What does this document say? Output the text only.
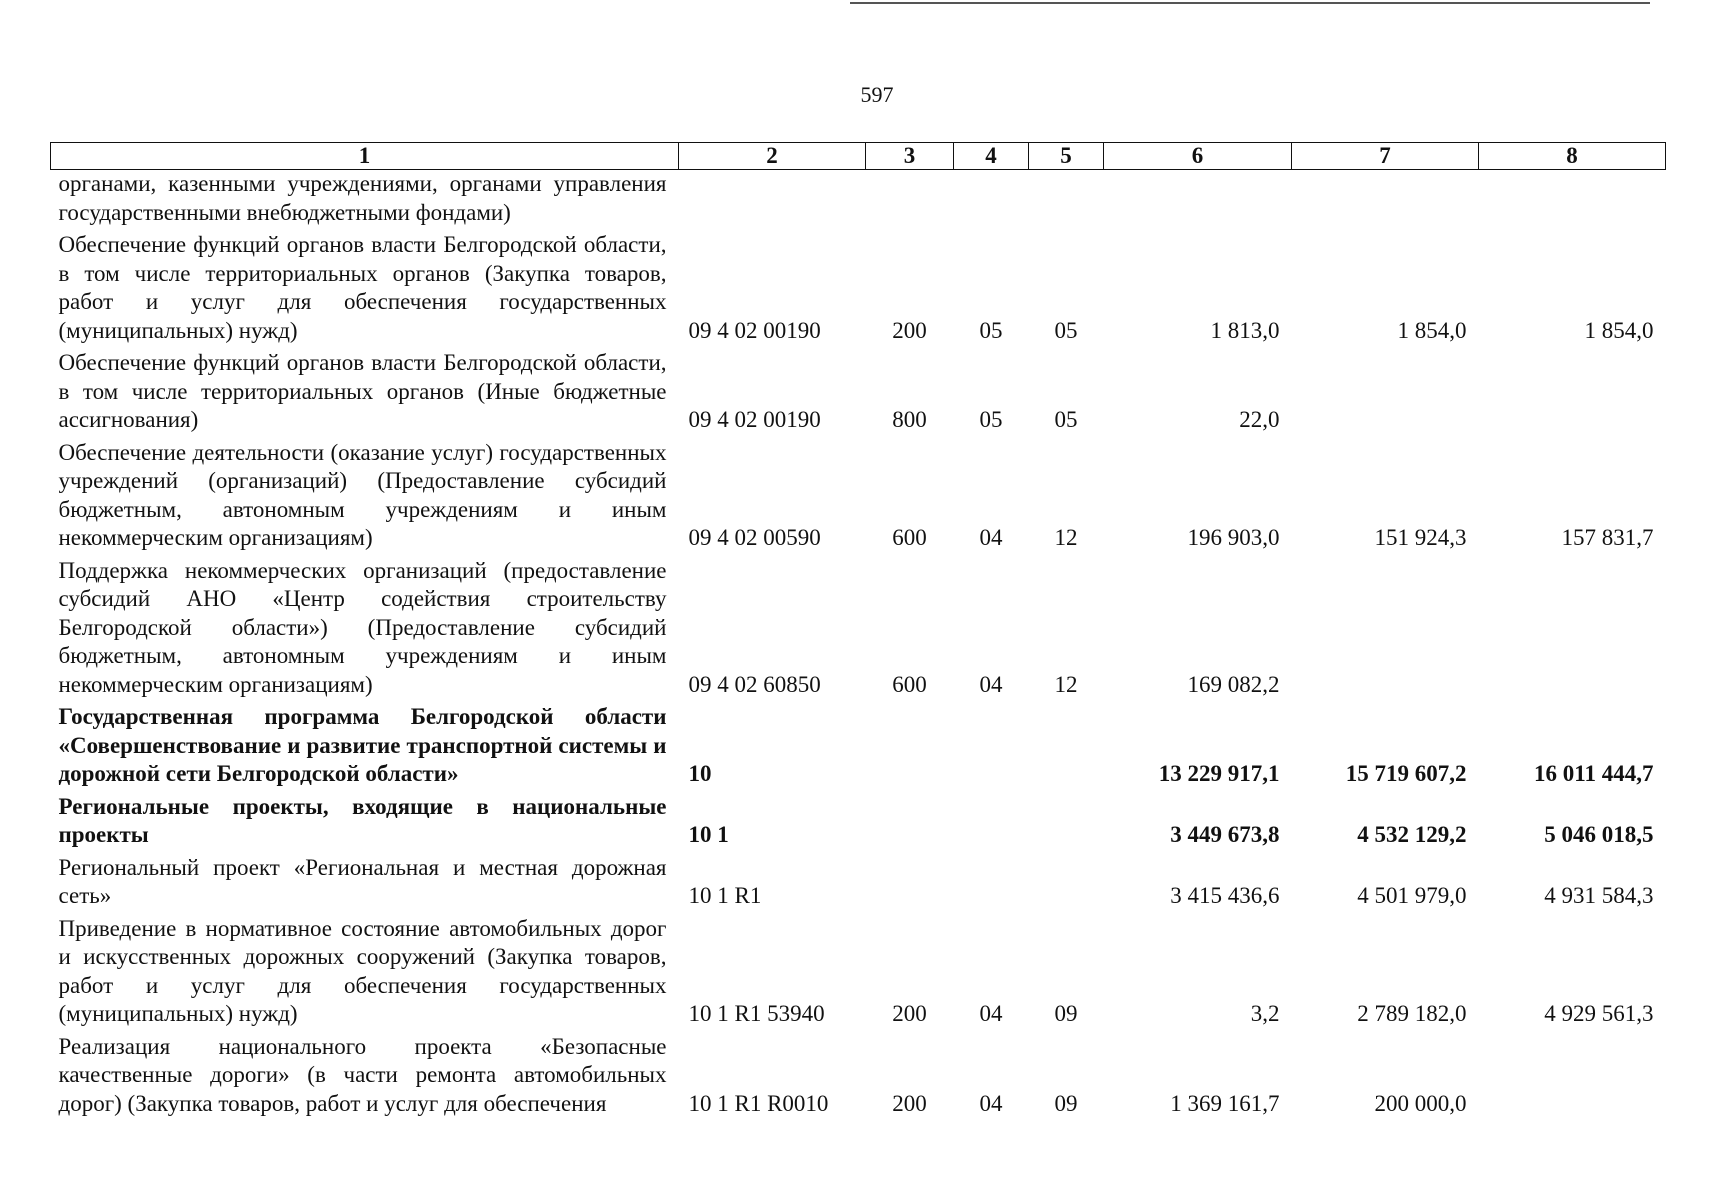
597
1	2	3	4	5	6	7	8
органами, казенными учреждениями, органами управления государственными внебюджетными фондами)							
Обеспечение функций органов власти Белгородской области, в том числе территориальных органов (Закупка товаров, работ и услуг для обеспечения государственных (муниципальных) нужд)	09 4 02 00190	200	05	05	1 813,0	1 854,0	1 854,0
Обеспечение функций органов власти Белгородской области, в том числе территориальных органов (Иные бюджетные ассигнования)	09 4 02 00190	800	05	05	22,0		
Обеспечение деятельности (оказание услуг) государственных учреждений (организаций) (Предоставление субсидий бюджетным, автономным учреждениям и иным некоммерческим организациям)	09 4 02 00590	600	04	12	196 903,0	151 924,3	157 831,7
Поддержка некоммерческих организаций (предоставление субсидий АНО «Центр содействия строительству Белгородской области») (Предоставление субсидий бюджетным, автономным учреждениям и иным некоммерческим организациям)	09 4 02 60850	600	04	12	169 082,2		
Государственная программа Белгородской области «Совершенствование и развитие транспортной системы и дорожной сети Белгородской области»	10				13 229 917,1	15 719 607,2	16 011 444,7
Региональные проекты, входящие в национальные проекты	10 1				3 449 673,8	4 532 129,2	5 046 018,5
Региональный проект «Региональная и местная дорожная сеть»	10 1 R1				3 415 436,6	4 501 979,0	4 931 584,3
Приведение в нормативное состояние автомобильных дорог и искусственных дорожных сооружений (Закупка товаров, работ и услуг для обеспечения государственных (муниципальных) нужд)	10 1 R1 53940	200	04	09	3,2	2 789 182,0	4 929 561,3
Реализация национального проекта «Безопасные качественные дороги» (в части ремонта автомобильных дорог) (Закупка товаров, работ и услуг для обеспечения	10 1 R1 R0010	200	04	09	1 369 161,7	200 000,0	
